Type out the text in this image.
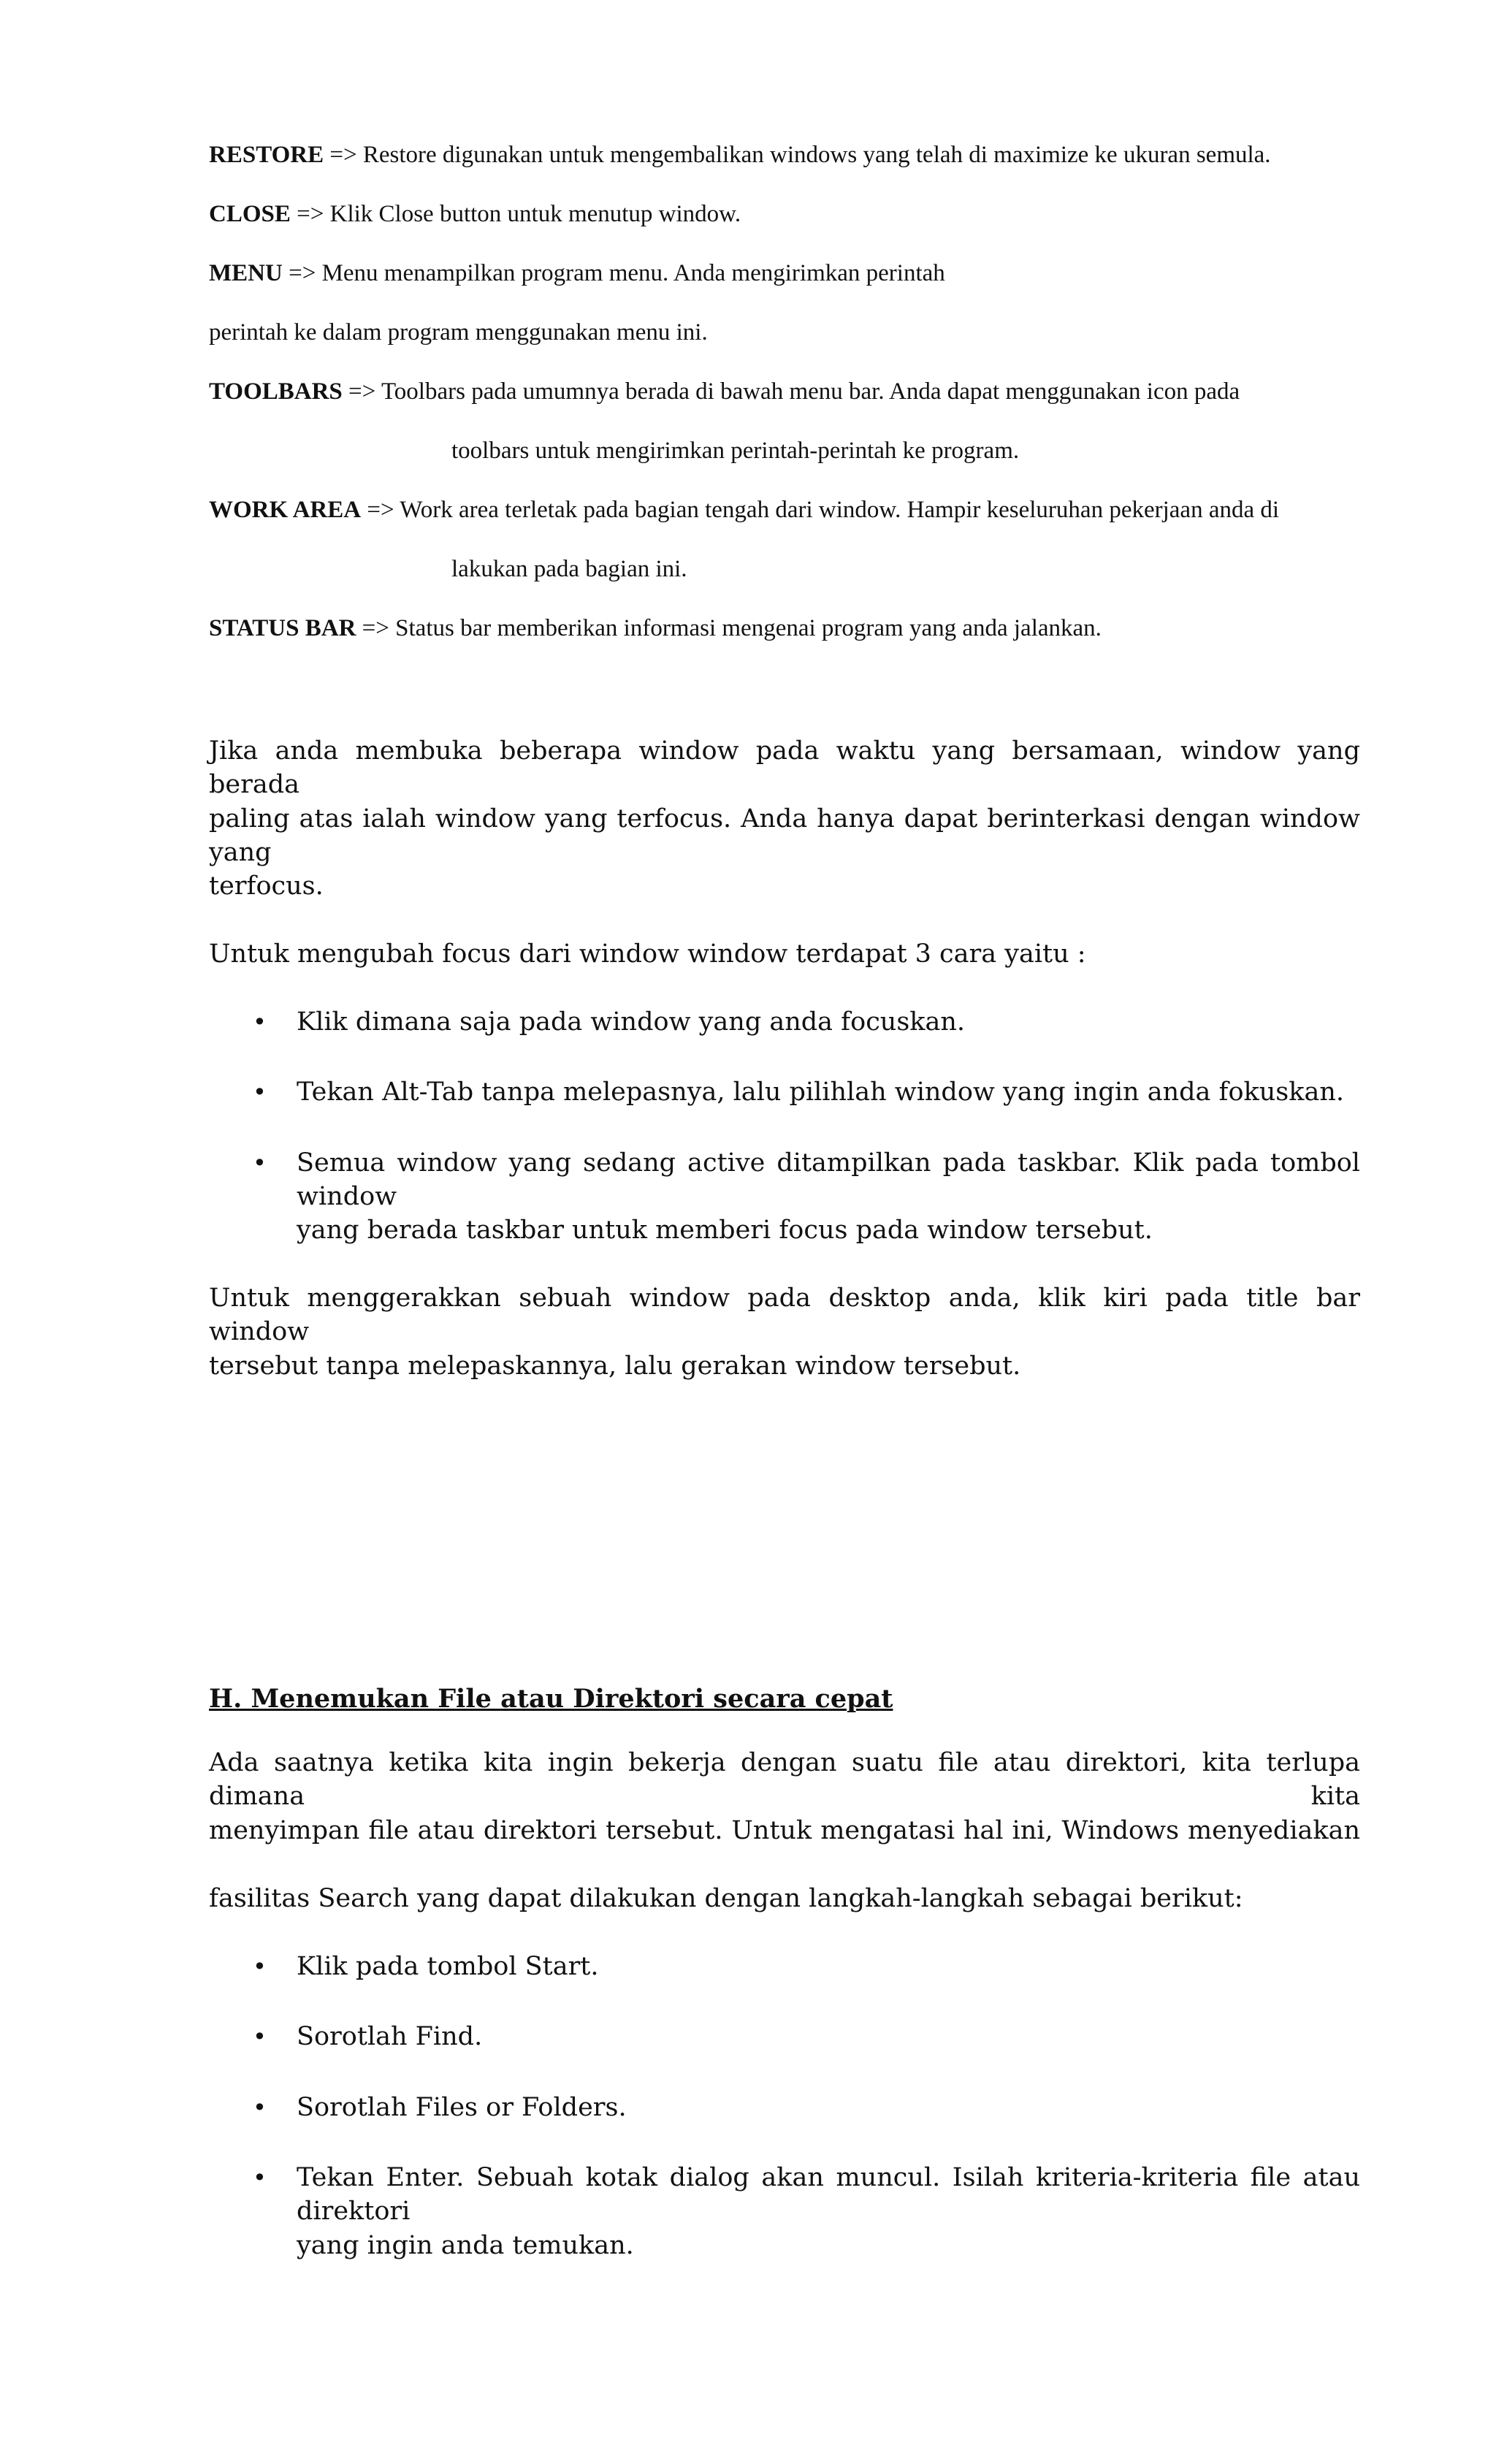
RESTORE => Restore digunakan untuk mengembalikan windows yang telah di maximize ke ukuran semula.
CLOSE => Klik Close button untuk menutup window.
MENU => Menu menampilkan program menu. Anda mengirimkan perintah
perintah ke dalam program menggunakan menu ini.
TOOLBARS => Toolbars pada umumnya berada di bawah menu bar. Anda dapat menggunakan icon pada
toolbars untuk mengirimkan perintah-perintah ke program.
WORK AREA => Work area terletak pada bagian tengah dari window. Hampir keseluruhan pekerjaan anda di
lakukan pada bagian ini.
STATUS BAR => Status bar memberikan informasi mengenai program yang anda jalankan.
Jika anda membuka beberapa window pada waktu yang bersamaan, window yang berada
paling atas ialah window yang terfocus. Anda hanya dapat berinterkasi dengan window yang
terfocus.
Untuk mengubah focus dari window window terdapat 3 cara yaitu :
• Klik dimana saja pada window yang anda focuskan.
• Tekan Alt-Tab tanpa melepasnya, lalu pilihlah window yang ingin anda fokuskan.
• Semua window yang sedang active ditampilkan pada taskbar. Klik pada tombol window
yang berada taskbar untuk memberi focus pada window tersebut.
Untuk menggerakkan sebuah window pada desktop anda, klik kiri pada title bar window
tersebut tanpa melepaskannya, lalu gerakan window tersebut.
H. Menemukan File atau Direktori secara cepat
Ada saatnya ketika kita ingin bekerja dengan suatu file atau direktori, kita terlupa dimana kita
menyimpan file atau direktori tersebut. Untuk mengatasi hal ini, Windows menyediakan
fasilitas Search yang dapat dilakukan dengan langkah-langkah sebagai berikut:
• Klik pada tombol Start.
• Sorotlah Find.
• Sorotlah Files or Folders.
• Tekan Enter. Sebuah kotak dialog akan muncul. Isilah kriteria-kriteria file atau direktori
yang ingin anda temukan.
